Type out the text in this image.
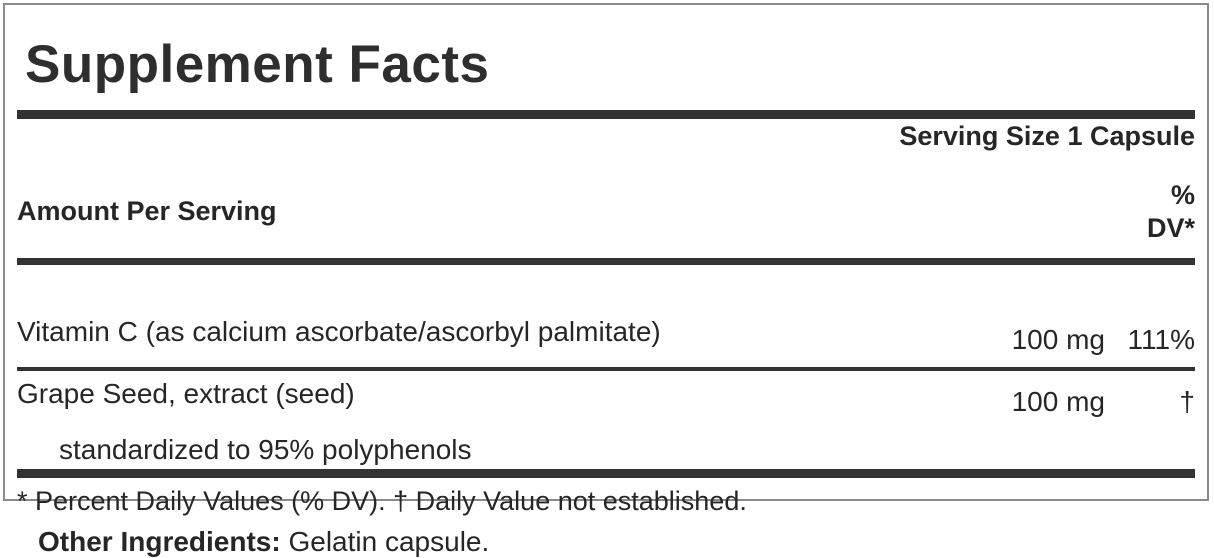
Supplement Facts
Serving Size 1 Capsule
Amount Per Serving
%
DV*
Vitamin C (as calcium ascorbate/ascorbyl palmitate)	100 mg 111%
Grape Seed, extract (seed)	100 mg	†
standardized to 95% polyphenols
* Percent Daily Values (% DV). † Daily Value not established.
Other Ingredients: Gelatin capsule.
